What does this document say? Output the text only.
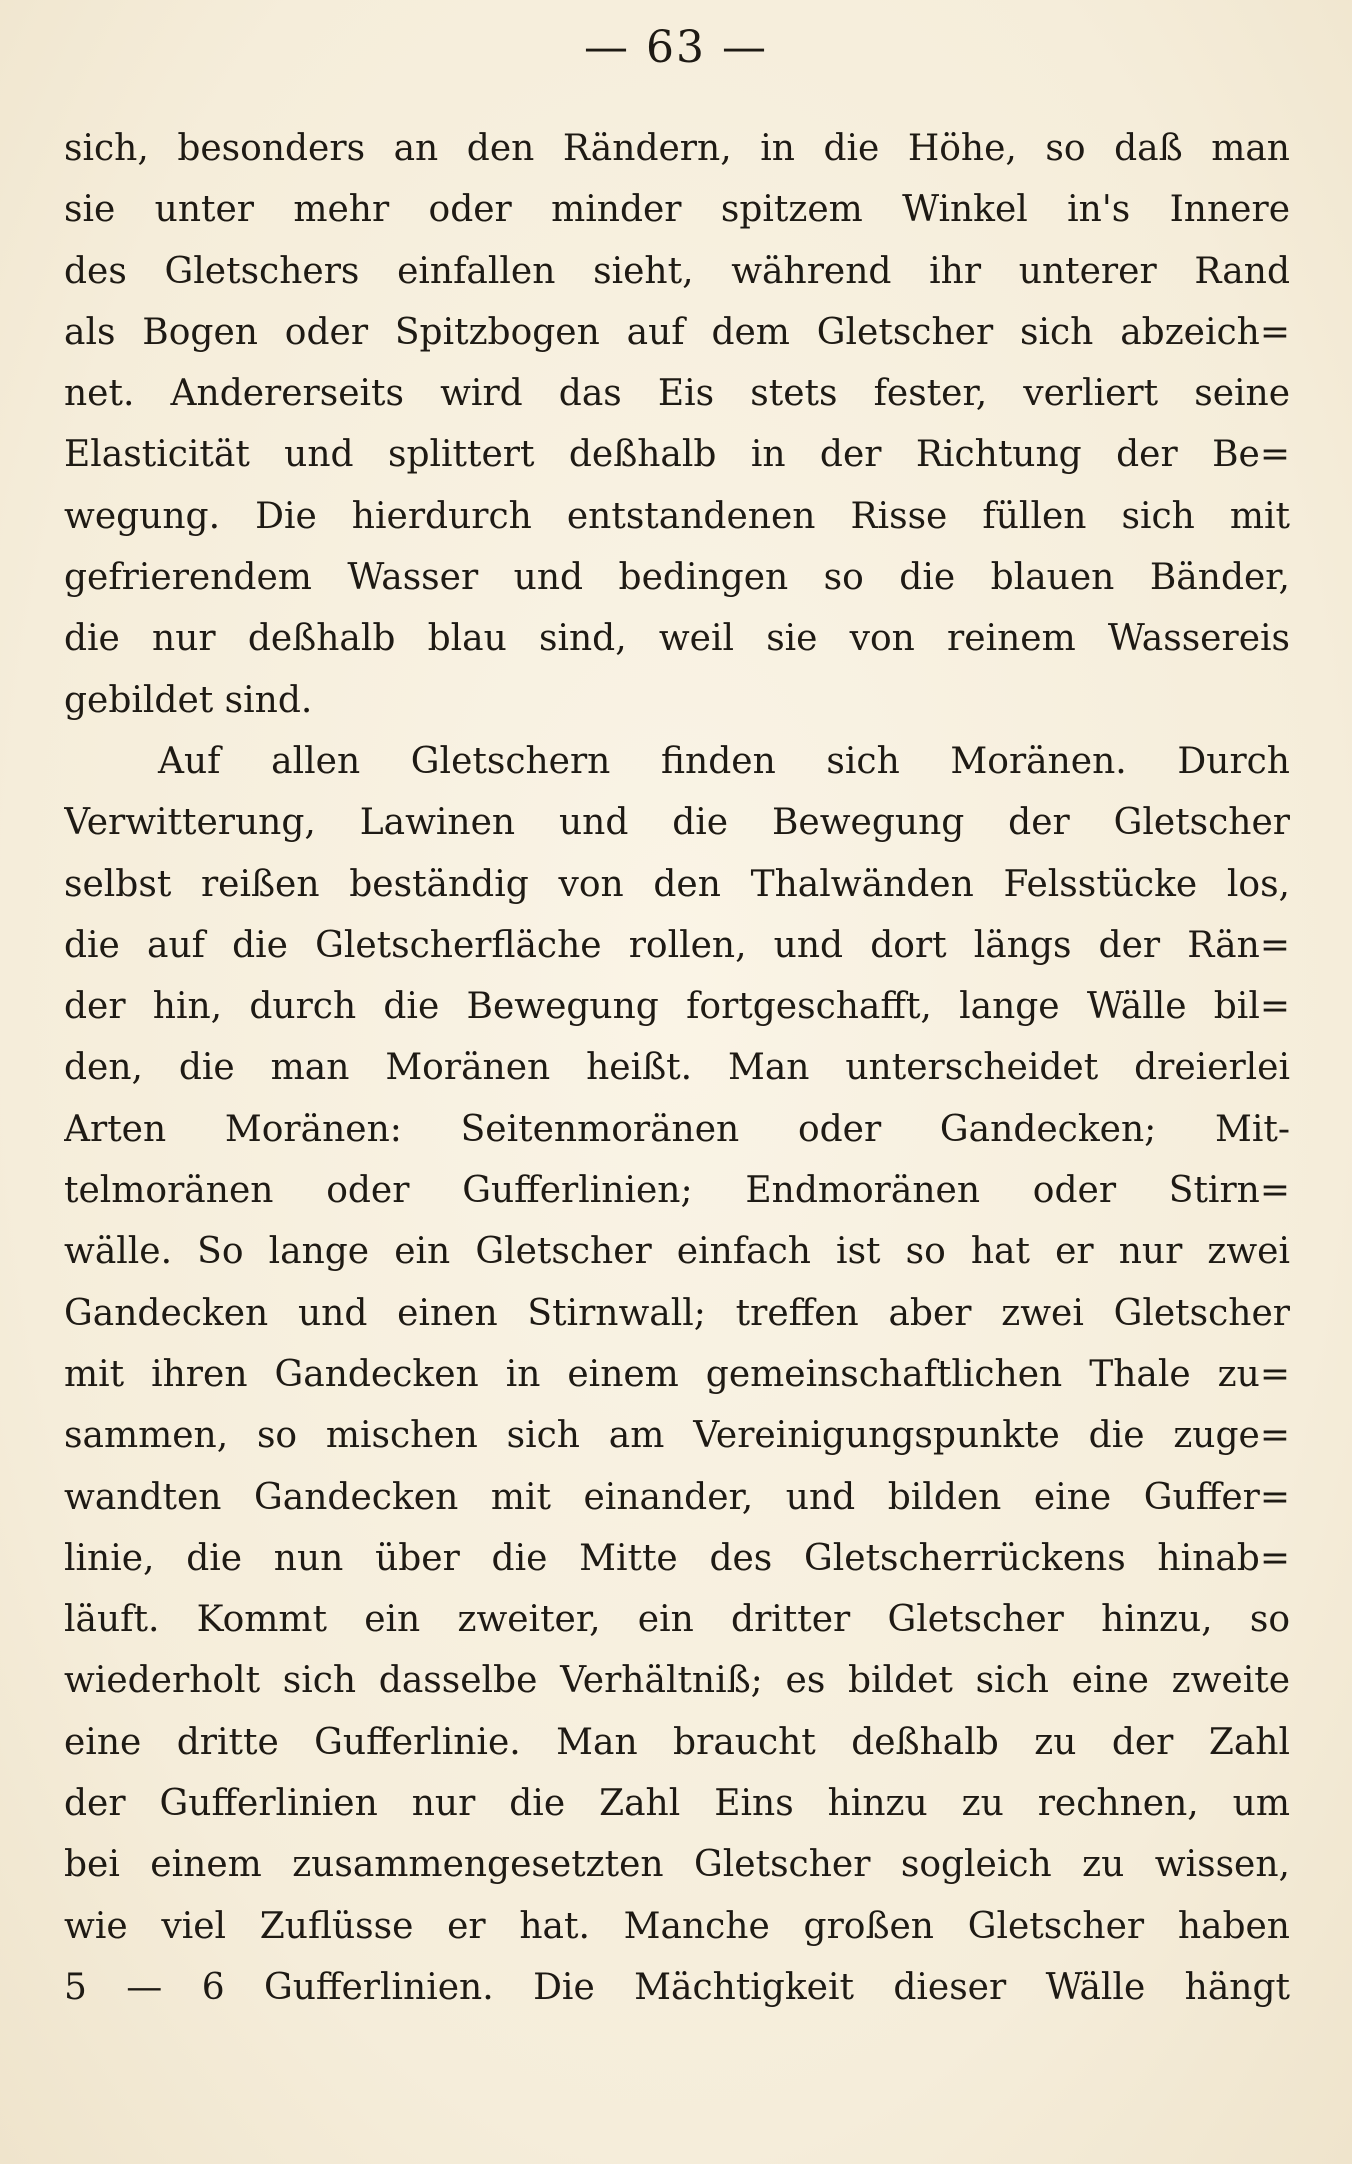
— 63 —
sich, besonders an den Rändern, in die Höhe, so daß man
sie unter mehr oder minder spitzem Winkel in's Innere
des Gletschers einfallen sieht, während ihr unterer Rand
als Bogen oder Spitzbogen auf dem Gletscher sich abzeich=
net. Andererseits wird das Eis stets fester, verliert seine
Elasticität und splittert deßhalb in der Richtung der Be=
wegung. Die hierdurch entstandenen Risse füllen sich mit
gefrierendem Wasser und bedingen so die blauen Bänder,
die nur deßhalb blau sind, weil sie von reinem Wassereis
gebildet sind.
Auf allen Gletschern finden sich Moränen. Durch
Verwitterung, Lawinen und die Bewegung der Gletscher
selbst reißen beständig von den Thalwänden Felsstücke los,
die auf die Gletscherfläche rollen, und dort längs der Rän=
der hin, durch die Bewegung fortgeschafft, lange Wälle bil=
den, die man Moränen heißt. Man unterscheidet dreierlei
Arten Moränen: Seitenmoränen oder Gandecken; Mit-
telmoränen oder Gufferlinien; Endmoränen oder Stirn=
wälle. So lange ein Gletscher einfach ist so hat er nur zwei
Gandecken und einen Stirnwall; treffen aber zwei Gletscher
mit ihren Gandecken in einem gemeinschaftlichen Thale zu=
sammen, so mischen sich am Vereinigungspunkte die zuge=
wandten Gandecken mit einander, und bilden eine Guffer=
linie, die nun über die Mitte des Gletscherrückens hinab=
läuft. Kommt ein zweiter, ein dritter Gletscher hinzu, so
wiederholt sich dasselbe Verhältniß; es bildet sich eine zweite
eine dritte Gufferlinie. Man braucht deßhalb zu der Zahl
der Gufferlinien nur die Zahl Eins hinzu zu rechnen, um
bei einem zusammengesetzten Gletscher sogleich zu wissen,
wie viel Zuflüsse er hat. Manche großen Gletscher haben
5 — 6 Gufferlinien. Die Mächtigkeit dieser Wälle hängt
